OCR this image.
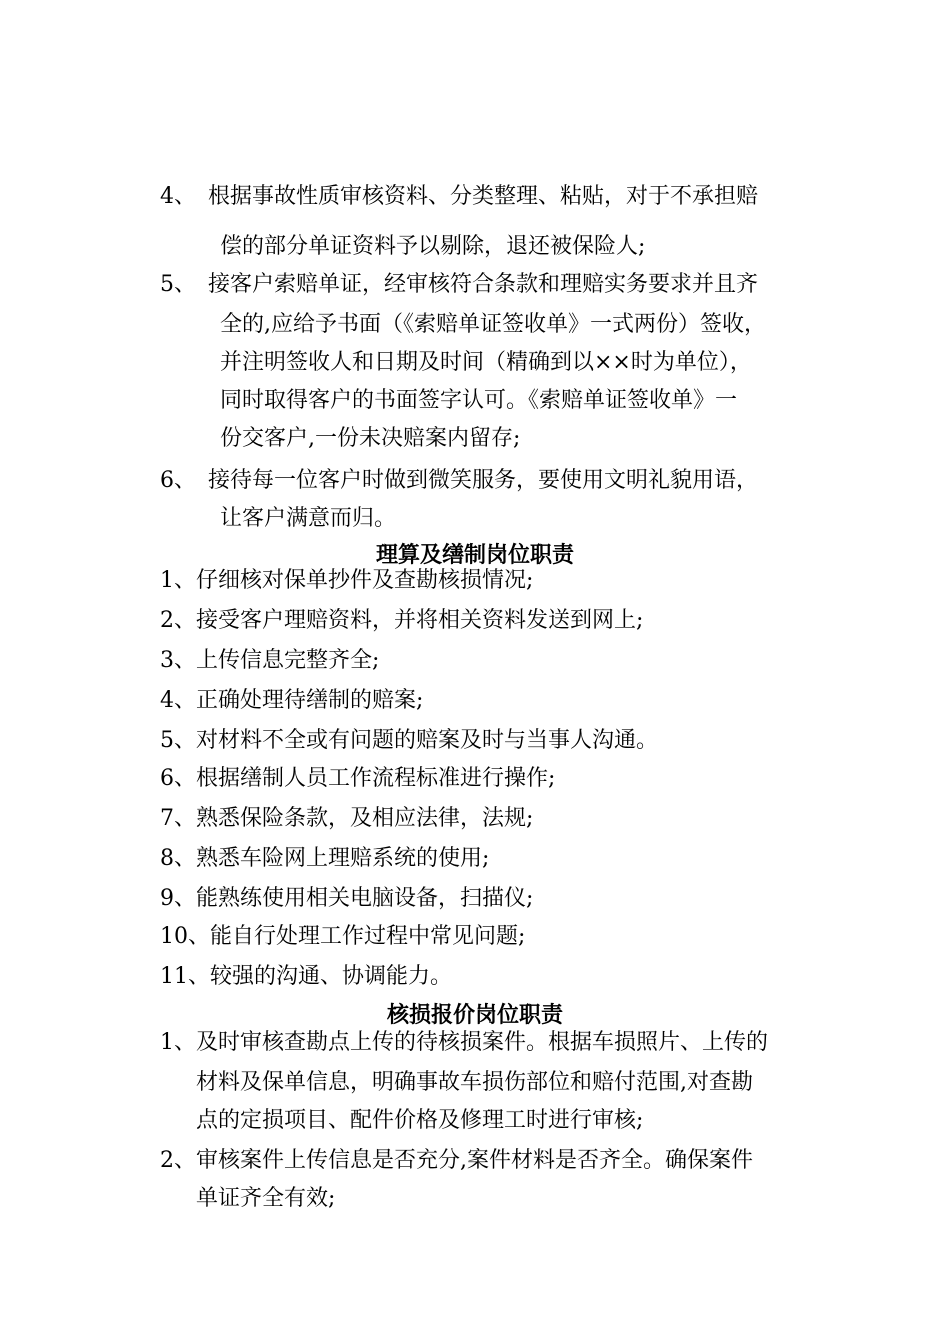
4、 根据事故性质审核资料、分类整理、粘贴，对于不承担赔
偿的部分单证资料予以剔除，退还被保险人;
5、 接客户索赔单证，经审核符合条款和理赔实务要求并且齐
全的,应给予书面（《索赔单证签收单》一式两份）签收，
并注明签收人和日期及时间（精确到以××时为单位），
同时取得客户的书面签字认可。《索赔单证签收单》一
份交客户,一份未决赔案内留存;
6、 接待每一位客户时做到微笑服务，要使用文明礼貌用语，
让客户满意而归。
理算及缮制岗位职责
1、仔细核对保单抄件及查勘核损情况;
2、接受客户理赔资料，并将相关资料发送到网上;
3、上传信息完整齐全;
4、正确处理待缮制的赔案;
5、对材料不全或有问题的赔案及时与当事人沟通。
6、根据缮制人员工作流程标准进行操作;
7、熟悉保险条款，及相应法律，法规;
8、熟悉车险网上理赔系统的使用;
9、能熟练使用相关电脑设备，扫描仪;
10、能自行处理工作过程中常见问题;
11、较强的沟通、协调能力。
核损报价岗位职责
1、 及时审核查勘点上传的待核损案件。根据车损照片、上传的
材料及保单信息，明确事故车损伤部位和赔付范围,对查勘
点的定损项目、配件价格及修理工时进行审核;
2、 审核案件上传信息是否充分,案件材料是否齐全。确保案件
单证齐全有效;
